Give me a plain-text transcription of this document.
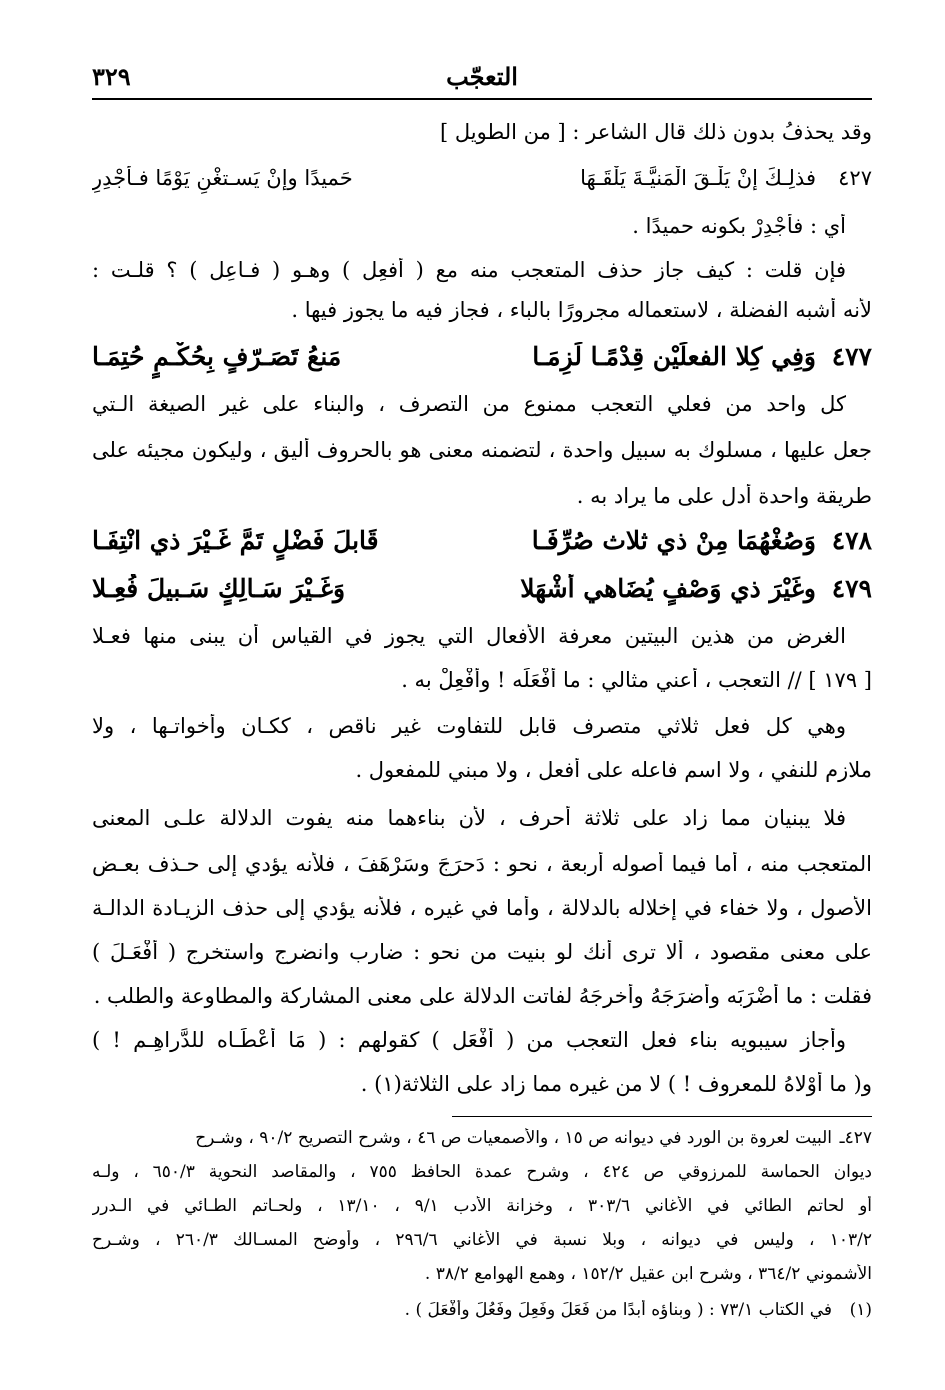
التعجّب
٣٢٩
وقد يحذفُ بدون ذلك قال الشاعر : [ من الطويل ]
٤٢٧
فذلِـكَ إنْ يَلْـقَ الْمَنيَّـةَ يَلْقَـهَا
حَميدًا وإنْ يَسـتغْنِ يَوْمًا فـأَجْدِرِ
أي : فأجْدِرْ بكونه حميدًا .
فإن قلت : كيف جاز حذف المتعجب منه مع ( أفعِل ) وهـو ( فـاعِل ) ؟ قلـت :
لأنه أشبه الفضلة ، لاستعماله مجرورًا بالباء ، فجاز فيه ما يجوز فيها .
٤٧٧
وَفِي كِلا الفعلَيْن قِدْمًـا لَزِمَـا
مَنعُ تَصَـرّفٍ بِحُكْـمٍ حُتِمَـا
كل واحد من فعلي التعجب ممنوع من التصرف ، والبناء على غير الصيغة الـتي
جعل عليها ، مسلوك به سبيل واحدة ، لتضمنه معنى هو بالحروف أليق ، وليكون مجيئه على
طريقة واحدة أدل على ما يراد به .
٤٧٨
وَصُغْهُمَا مِنْ ذي ثلاث صُرِّفَـا
قَابلَ فَضْلٍ تَمَّ غَـيْرَ ذي انْتِفَـا
٤٧٩
وغَيْرَ ذي وَصْفٍ يُضَاهي أشْهَلا
وَغَـيْرَ سَـالِكٍ سَـبيلَ فُعِـلا
الغرض من هذين البيتين معرفة الأفعال التي يجوز في القياس أن يبنى منها فعـلا
[ ١٧٩ ] // التعجب ، أعني مثالي : ما أفْعَلَه ! وأفْعِلْ به .
وهي كل فعل ثلاثي متصرف قابل للتفاوت غير ناقص ، ككـان وأخواتـها ، ولا
ملازم للنفي ، ولا اسم فاعله على أفعل ، ولا مبني للمفعول .
فلا يبنيان مما زاد على ثلاثة أحرف ، لأن بناءهما منه يفوت الدلالة علـى المعنى
المتعجب منه ، أما فيما أصوله أربعة ، نحو : دَحرَجَ وسَرْهَفَ ، فلأنه يؤدي إلى حـذف بعـض
الأصول ، ولا خفاء في إخلاله بالدلالة ، وأما في غيره ، فلأنه يؤدي إلى حذف الزيـادة الدالـة
على معنى مقصود ، ألا ترى أنك لو بنيت من نحو : ضارب وانضرج واستخرج ( أفْعَـلَ )
فقلت : ما أضْرَبَه وأضرَجَهُ وأخرجَهُ لفاتت الدلالة على معنى المشاركة والمطاوعة والطلب .
وأجاز سيبويه بناء فعل التعجب من ( أفْعَل ) كقولهم : ( مَا أعْطَـاه للدَّراهِـم ! )
و( ما أوْلاهُ للمعروف ! ) لا من غيره مما زاد على الثلاثة(١) .
٤٢٧ـ
البيت لعروة بن الورد في ديوانه ص ١٥ ، والأصمعيات ص ٤٦ ، وشرح التصريح ٩٠/٢ ، وشـرح
ديوان الحماسة للمرزوقي ص ٤٢٤ ، وشرح عمدة الحافظ ٧٥٥ ، والمقاصد النحوية ٦٥٠/٣ ، ولـه
أو لحاتم الطائي في الأغاني ٣٠٣/٦ ، وخزانة الأدب ٩/١ ، ١٣/١٠ ، ولحـاتم الطـائي في الـدرر
١٠٣/٢ ، وليس في ديوانه ، وبلا نسبة في الأغاني ٢٩٦/٦ ، وأوضح المسـالك ٢٦٠/٣ ، وشـرح
الأشموني ٣٦٤/٢ ، وشرح ابن عقيل ١٥٢/٢ ، وهمع الهوامع ٣٨/٢ .
(١)
في الكتاب ٧٣/١ : ( وبناؤه أبدًا من فَعَلَ وفَعِلَ وفَعُلَ وأفْعَلَ ) .
